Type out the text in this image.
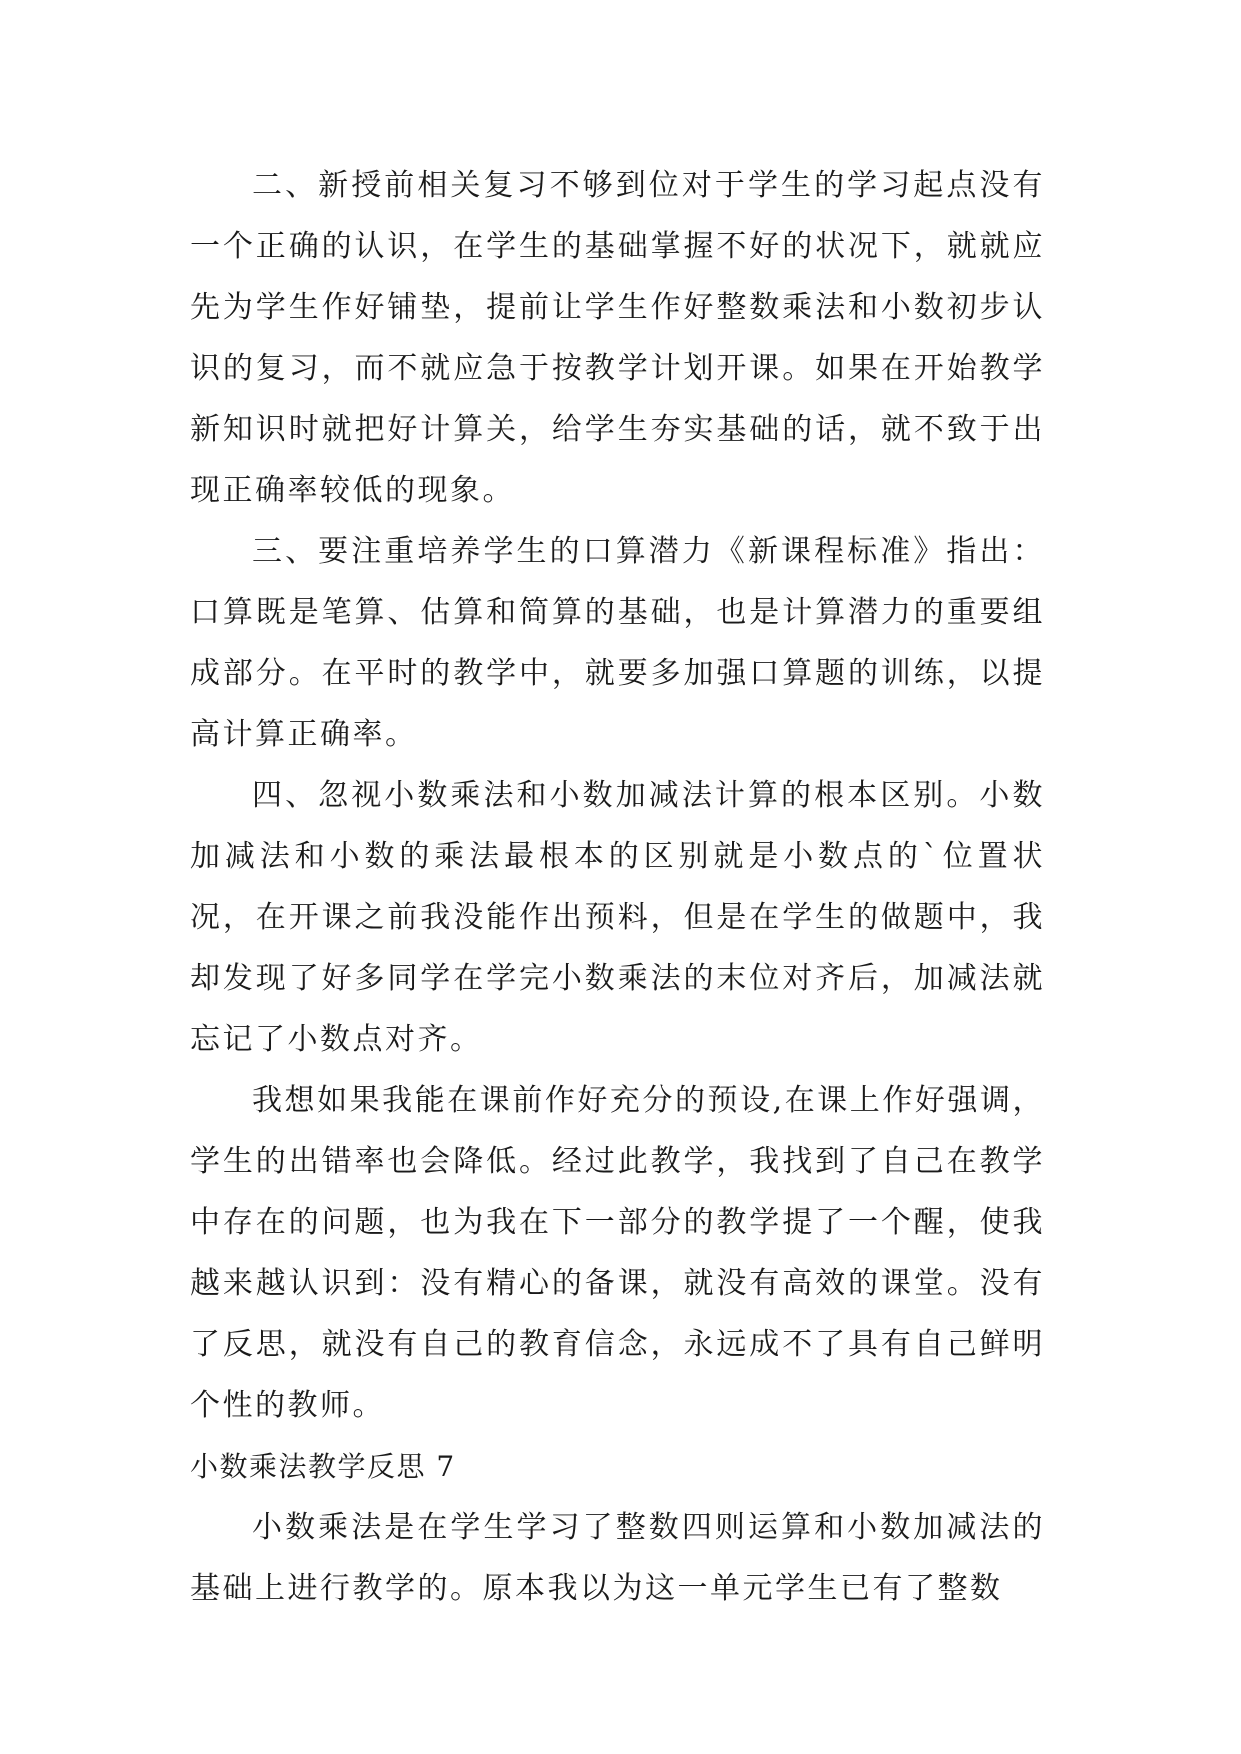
二、新授前相关复习不够到位对于学生的学习起点没有一个正确的认识，在学生的基础掌握不好的状况下，就就应先为学生作好铺垫，提前让学生作好整数乘法和小数初步认识的复习，而不就应急于按教学计划开课。如果在开始教学新知识时就把好计算关，给学生夯实基础的话，就不致于出现正确率较低的现象。

三、要注重培养学生的口算潜力《新课程标准》指出：口算既是笔算、估算和简算的基础，也是计算潜力的重要组成部分。在平时的教学中，就要多加强口算题的训练，以提高计算正确率。

四、忽视小数乘法和小数加减法计算的根本区别。小数加减法和小数的乘法最根本的区别就是小数点的`位置状况，在开课之前我没能作出预料，但是在学生的做题中，我却发现了好多同学在学完小数乘法的末位对齐后，加减法就忘记了小数点对齐。

我想如果我能在课前作好充分的预设,在课上作好强调，学生的出错率也会降低。经过此教学，我找到了自己在教学中存在的问题，也为我在下一部分的教学提了一个醒，使我越来越认识到：没有精心的备课，就没有高效的课堂。没有了反思，就没有自己的教育信念，永远成不了具有自己鲜明个性的教师。

小数乘法教学反思 7

小数乘法是在学生学习了整数四则运算和小数加减法的基础上进行教学的。原本我以为这一单元学生已有了整数
